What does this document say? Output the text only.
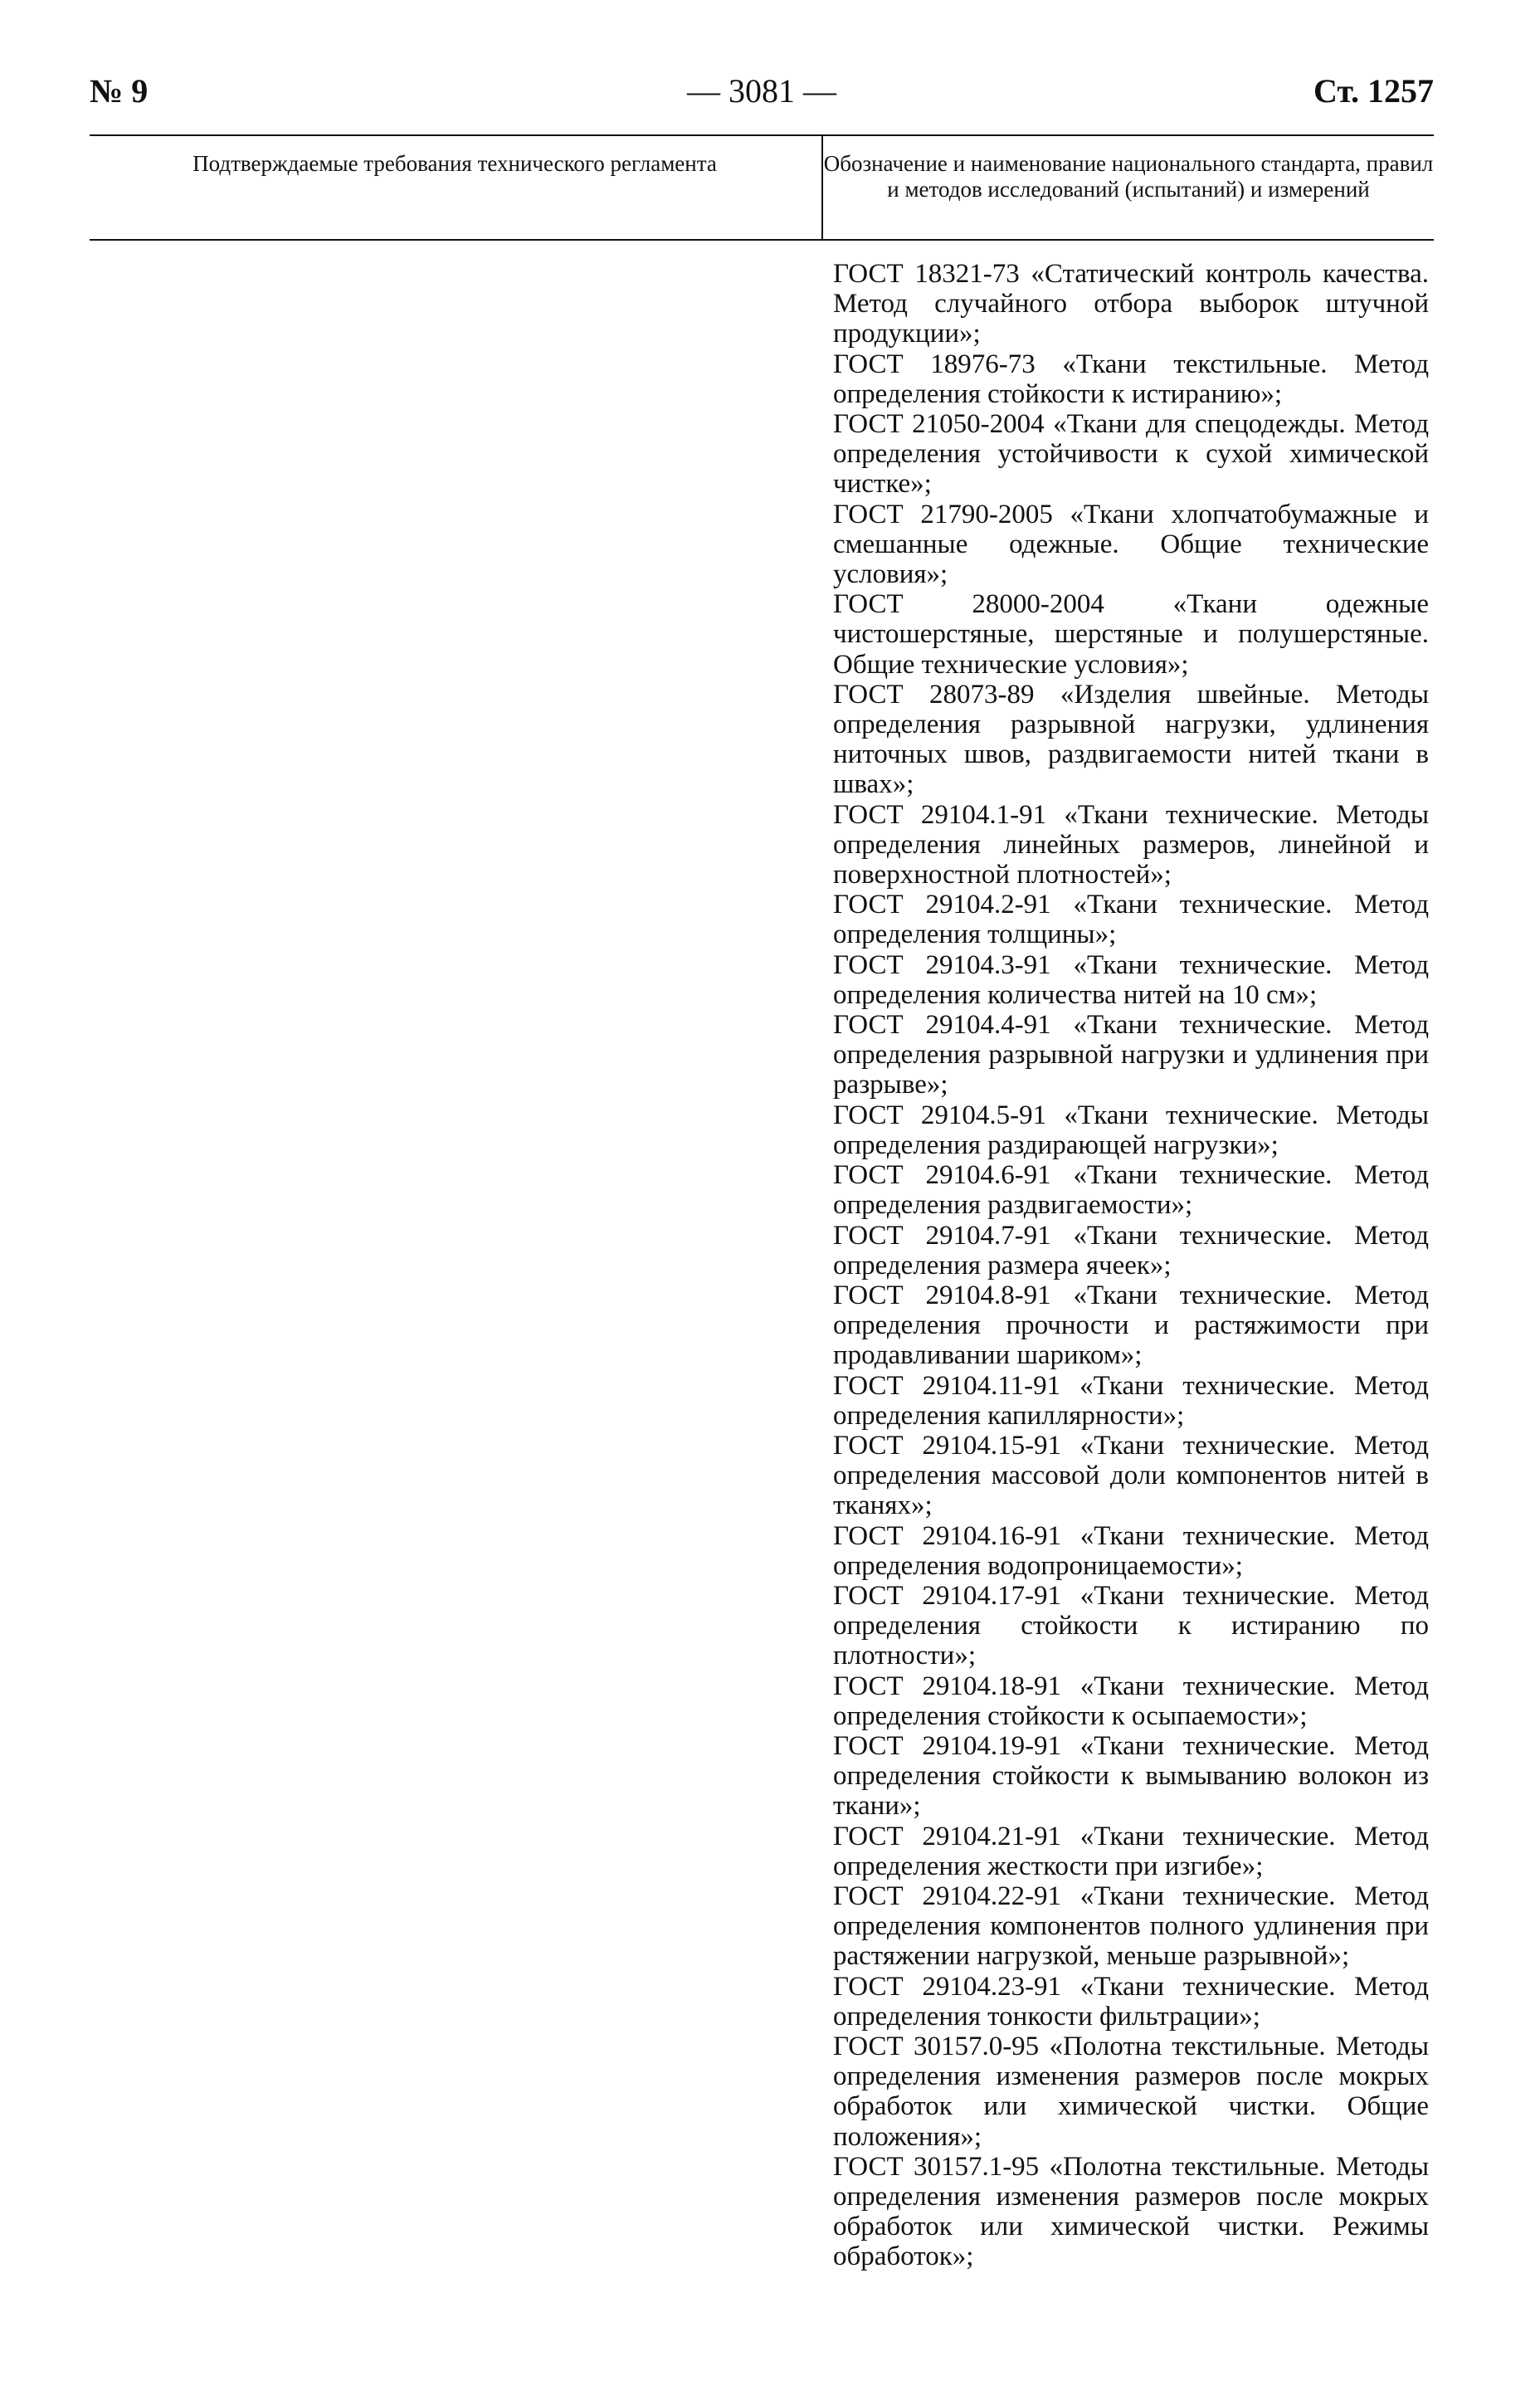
№ 9	— 3081 —	Ст. 1257
Подтверждаемые требования технического регламента	Обозначение и наименование национального стандарта, правил и методов исследований (испытаний) и измерений

ГОСТ 18321-73 «Статический контроль качества. Метод случайного отбора выборок штучной продукции»;

ГОСТ 18976-73 «Ткани текстильные. Метод определения стойкости к истиранию»;

ГОСТ 21050-2004 «Ткани для спецодежды. Метод определения устойчивости к сухой химической чистке»;

ГОСТ 21790-2005 «Ткани хлопчатобумажные и смешанные одежные. Общие технические условия»;

ГОСТ 28000-2004 «Ткани одежные чистошерстяные, шерстяные и полушерстяные. Общие технические условия»;

ГОСТ 28073-89 «Изделия швейные. Методы определения разрывной нагрузки, удлинения ниточных швов, раздвигаемости нитей ткани в швах»;

ГОСТ 29104.1-91 «Ткани технические. Методы определения линейных размеров, линейной и поверхностной плотностей»;

ГОСТ 29104.2-91 «Ткани технические. Метод определения толщины»;

ГОСТ 29104.3-91 «Ткани технические. Метод определения количества нитей на 10 см»;

ГОСТ 29104.4-91 «Ткани технические. Метод определения разрывной нагрузки и удлинения при разрыве»;

ГОСТ 29104.5-91 «Ткани технические. Методы определения раздирающей нагрузки»;

ГОСТ 29104.6-91 «Ткани технические. Метод определения раздвигаемости»;

ГОСТ 29104.7-91 «Ткани технические. Метод определения размера ячеек»;

ГОСТ 29104.8-91 «Ткани технические. Метод определения прочности и растяжимости при продавливании шариком»;

ГОСТ 29104.11-91 «Ткани технические. Метод определения капиллярности»;

ГОСТ 29104.15-91 «Ткани технические. Метод определения массовой доли компонентов нитей в тканях»;

ГОСТ 29104.16-91 «Ткани технические. Метод определения водопроницаемости»;

ГОСТ 29104.17-91 «Ткани технические. Метод определения стойкости к истиранию по плотности»;

ГОСТ 29104.18-91 «Ткани технические. Метод определения стойкости к осыпаемости»;

ГОСТ 29104.19-91 «Ткани технические. Метод определения стойкости к вымыванию волокон из ткани»;

ГОСТ 29104.21-91 «Ткани технические. Метод определения жесткости при изгибе»;

ГОСТ 29104.22-91 «Ткани технические. Метод определения компонентов полного удлинения при растяжении нагрузкой, меньше разрывной»;

ГОСТ 29104.23-91 «Ткани технические. Метод определения тонкости фильтрации»;

ГОСТ 30157.0-95 «Полотна текстильные. Методы определения изменения размеров после мокрых обработок или химической чистки. Общие положения»;

ГОСТ 30157.1-95 «Полотна текстильные. Методы определения изменения размеров после мокрых обработок или химической чистки. Режимы обработок»;
